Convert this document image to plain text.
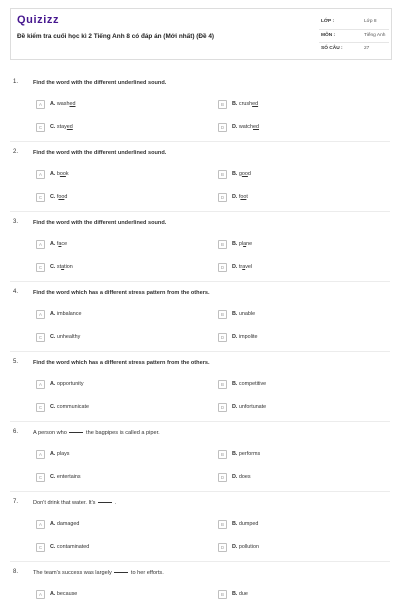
Quizizz
Đề kiểm tra cuối học kì 2 Tiếng Anh 8 có đáp án (Mới nhất) (Đề 4)
LỚP :	Lớp 8
MÔN :	Tiếng Anh
SỐ CÂU :	27
1.	Find the word with the different underlined sound.
A	A. washed	B	B. crushed
C	C. stayed	D	D. watched
2.	Find the word with the different underlined sound.
A	A. book	B	B. good
C	C. food	D	D. foot
3.	Find the word with the different underlined sound.
A	A. face	B	B. plane
C	C. station	D	D. travel
4.	Find the word which has a different stress pattern from the others.
A	A. imbalance	B	B. unable
C	C. unhealthy	D	D. impolite
5.	Find the word which has a different stress pattern from the others.
A	A. opportunity	B	B. competitive
C	C. communicate	D	D. unfortunate
6.	A person who	the bagpipes is called a piper.
A	A. plays	B	B. performs
C	C. entertains	D	D. does
7.	Don't drink that water. It's	.
A	A. damaged	B	B. dumped
C	C. contaminated	D	D. pollution
8.	The team's success was largely	to her efforts.
A	A. because	B	B. due
